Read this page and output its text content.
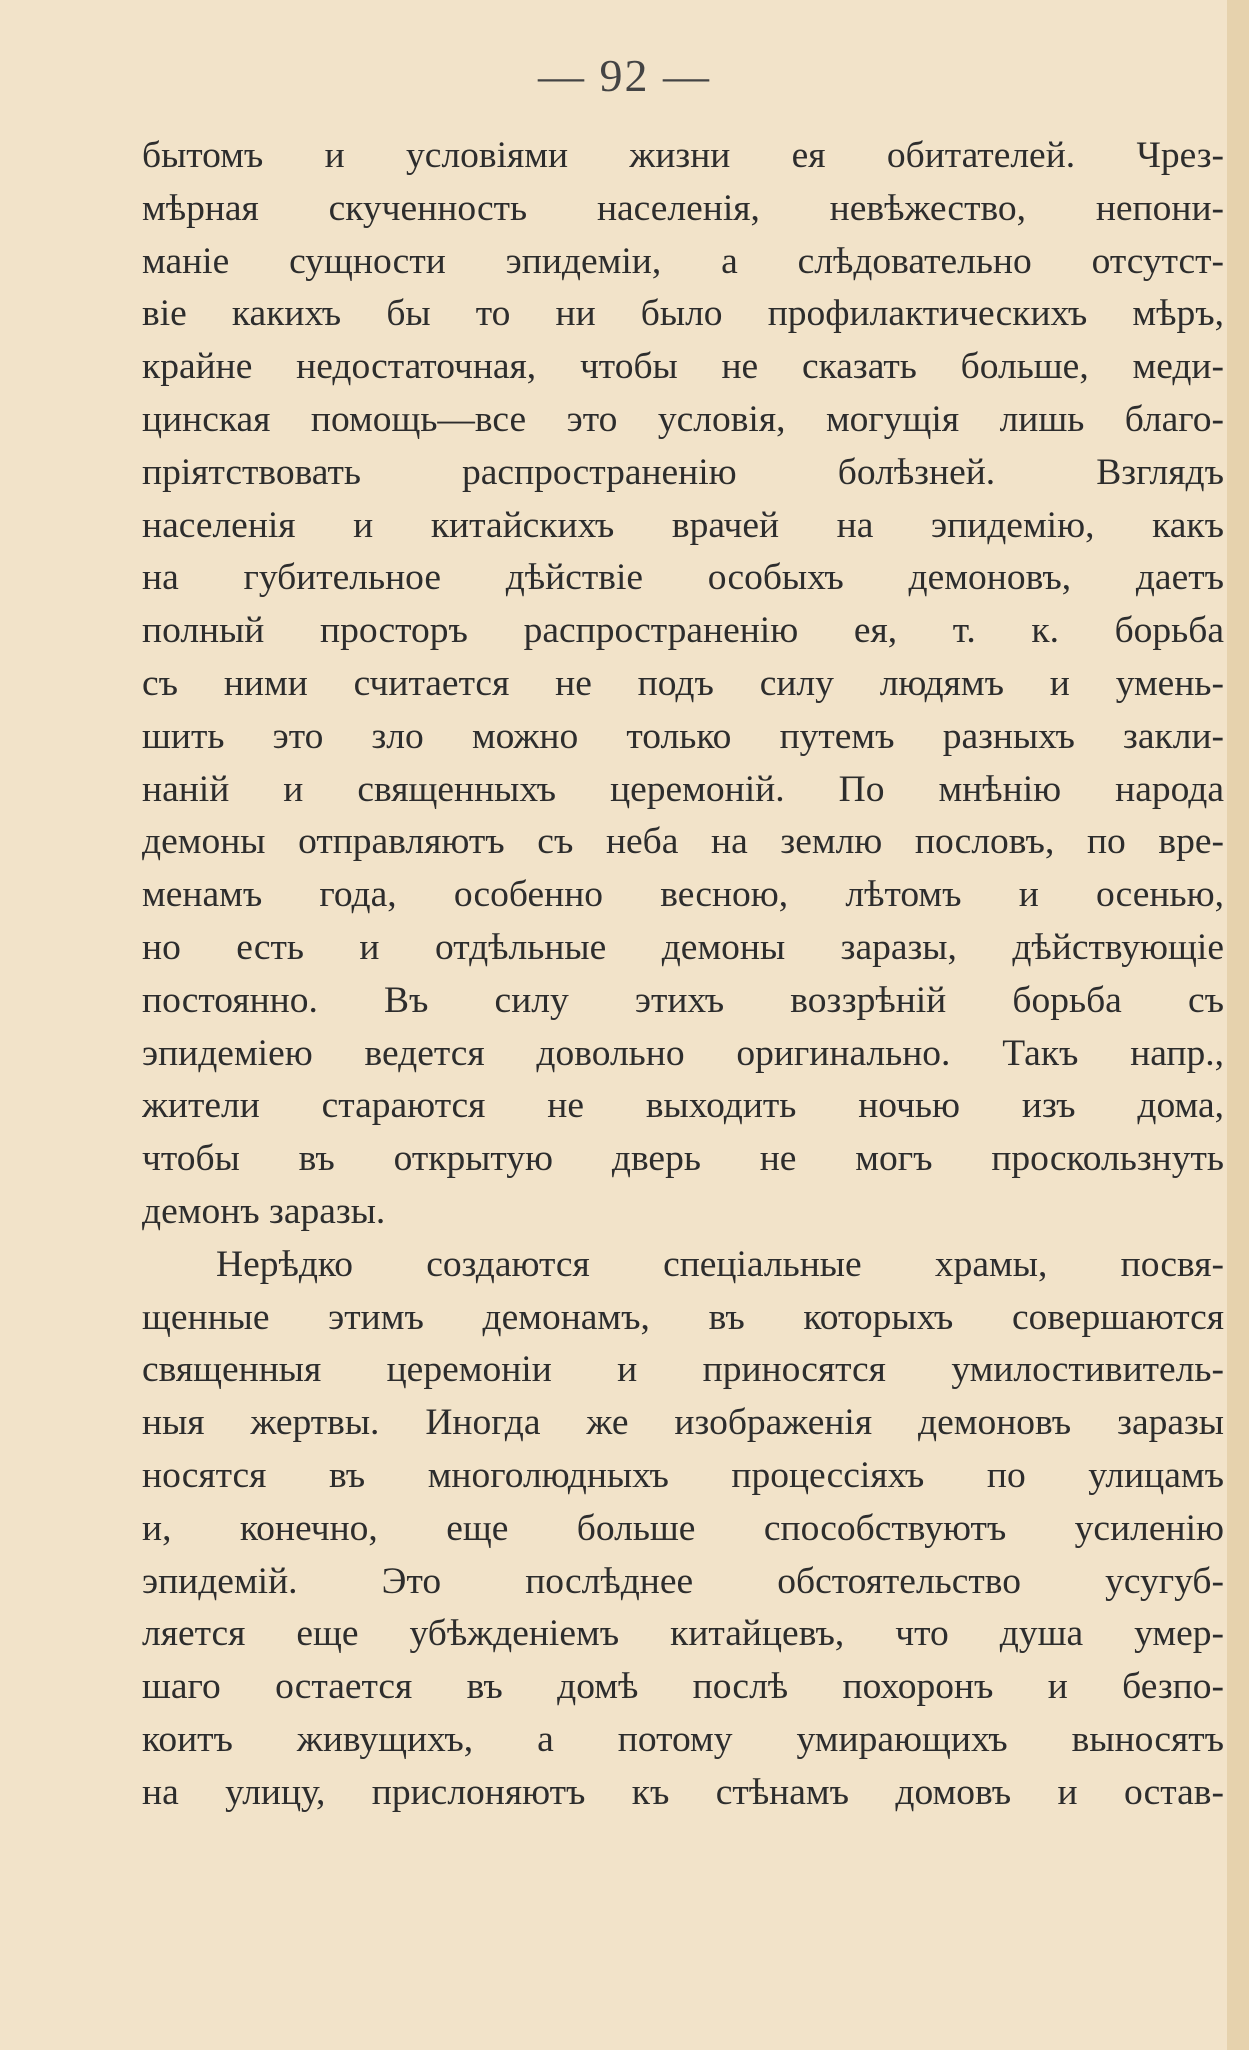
— 92 —
бытомъ и условіями жизни ея обитателей. Чрез-
мѣрная скученность населенія, невѣжество, непони-
маніе сущности эпидеміи, а слѣдовательно отсутст-
віе какихъ бы то ни было профилактическихъ мѣръ,
крайне недостаточная, чтобы не сказать больше, меди-
цинская помощь—все это условія, могущія лишь благо-
пріятствовать распространенію болѣзней. Взглядъ
населенія и китайскихъ врачей на эпидемію, какъ
на губительное дѣйствіе особыхъ демоновъ, даетъ
полный просторъ распространенію ея, т. к. борьба
съ ними считается не подъ силу людямъ и умень-
шить это зло можно только путемъ разныхъ закли-
наній и священныхъ церемоній. По мнѣнію народа
демоны отправляютъ съ неба на землю пословъ, по вре-
менамъ года, особенно весною, лѣтомъ и осенью,
но есть и отдѣльные демоны заразы, дѣйствующіе
постоянно. Въ силу этихъ воззрѣній борьба съ
эпидеміею ведется довольно оригинально. Такъ напр.,
жители стараются не выходить ночью изъ дома,
чтобы въ открытую дверь не могъ проскользнуть
демонъ заразы.
Нерѣдко создаются спеціальные храмы, посвя-
щенные этимъ демонамъ, въ которыхъ совершаются
священныя церемоніи и приносятся умилостивитель-
ныя жертвы. Иногда же изображенія демоновъ заразы
носятся въ многолюдныхъ процессіяхъ по улицамъ
и, конечно, еще больше способствуютъ усиленію
эпидемій. Это послѣднее обстоятельство усугуб-
ляется еще убѣжденіемъ китайцевъ, что душа умер-
шаго остается въ домѣ послѣ похоронъ и безпо-
коитъ живущихъ, а потому умирающихъ выносятъ
на улицу, прислоняютъ къ стѣнамъ домовъ и остав-
